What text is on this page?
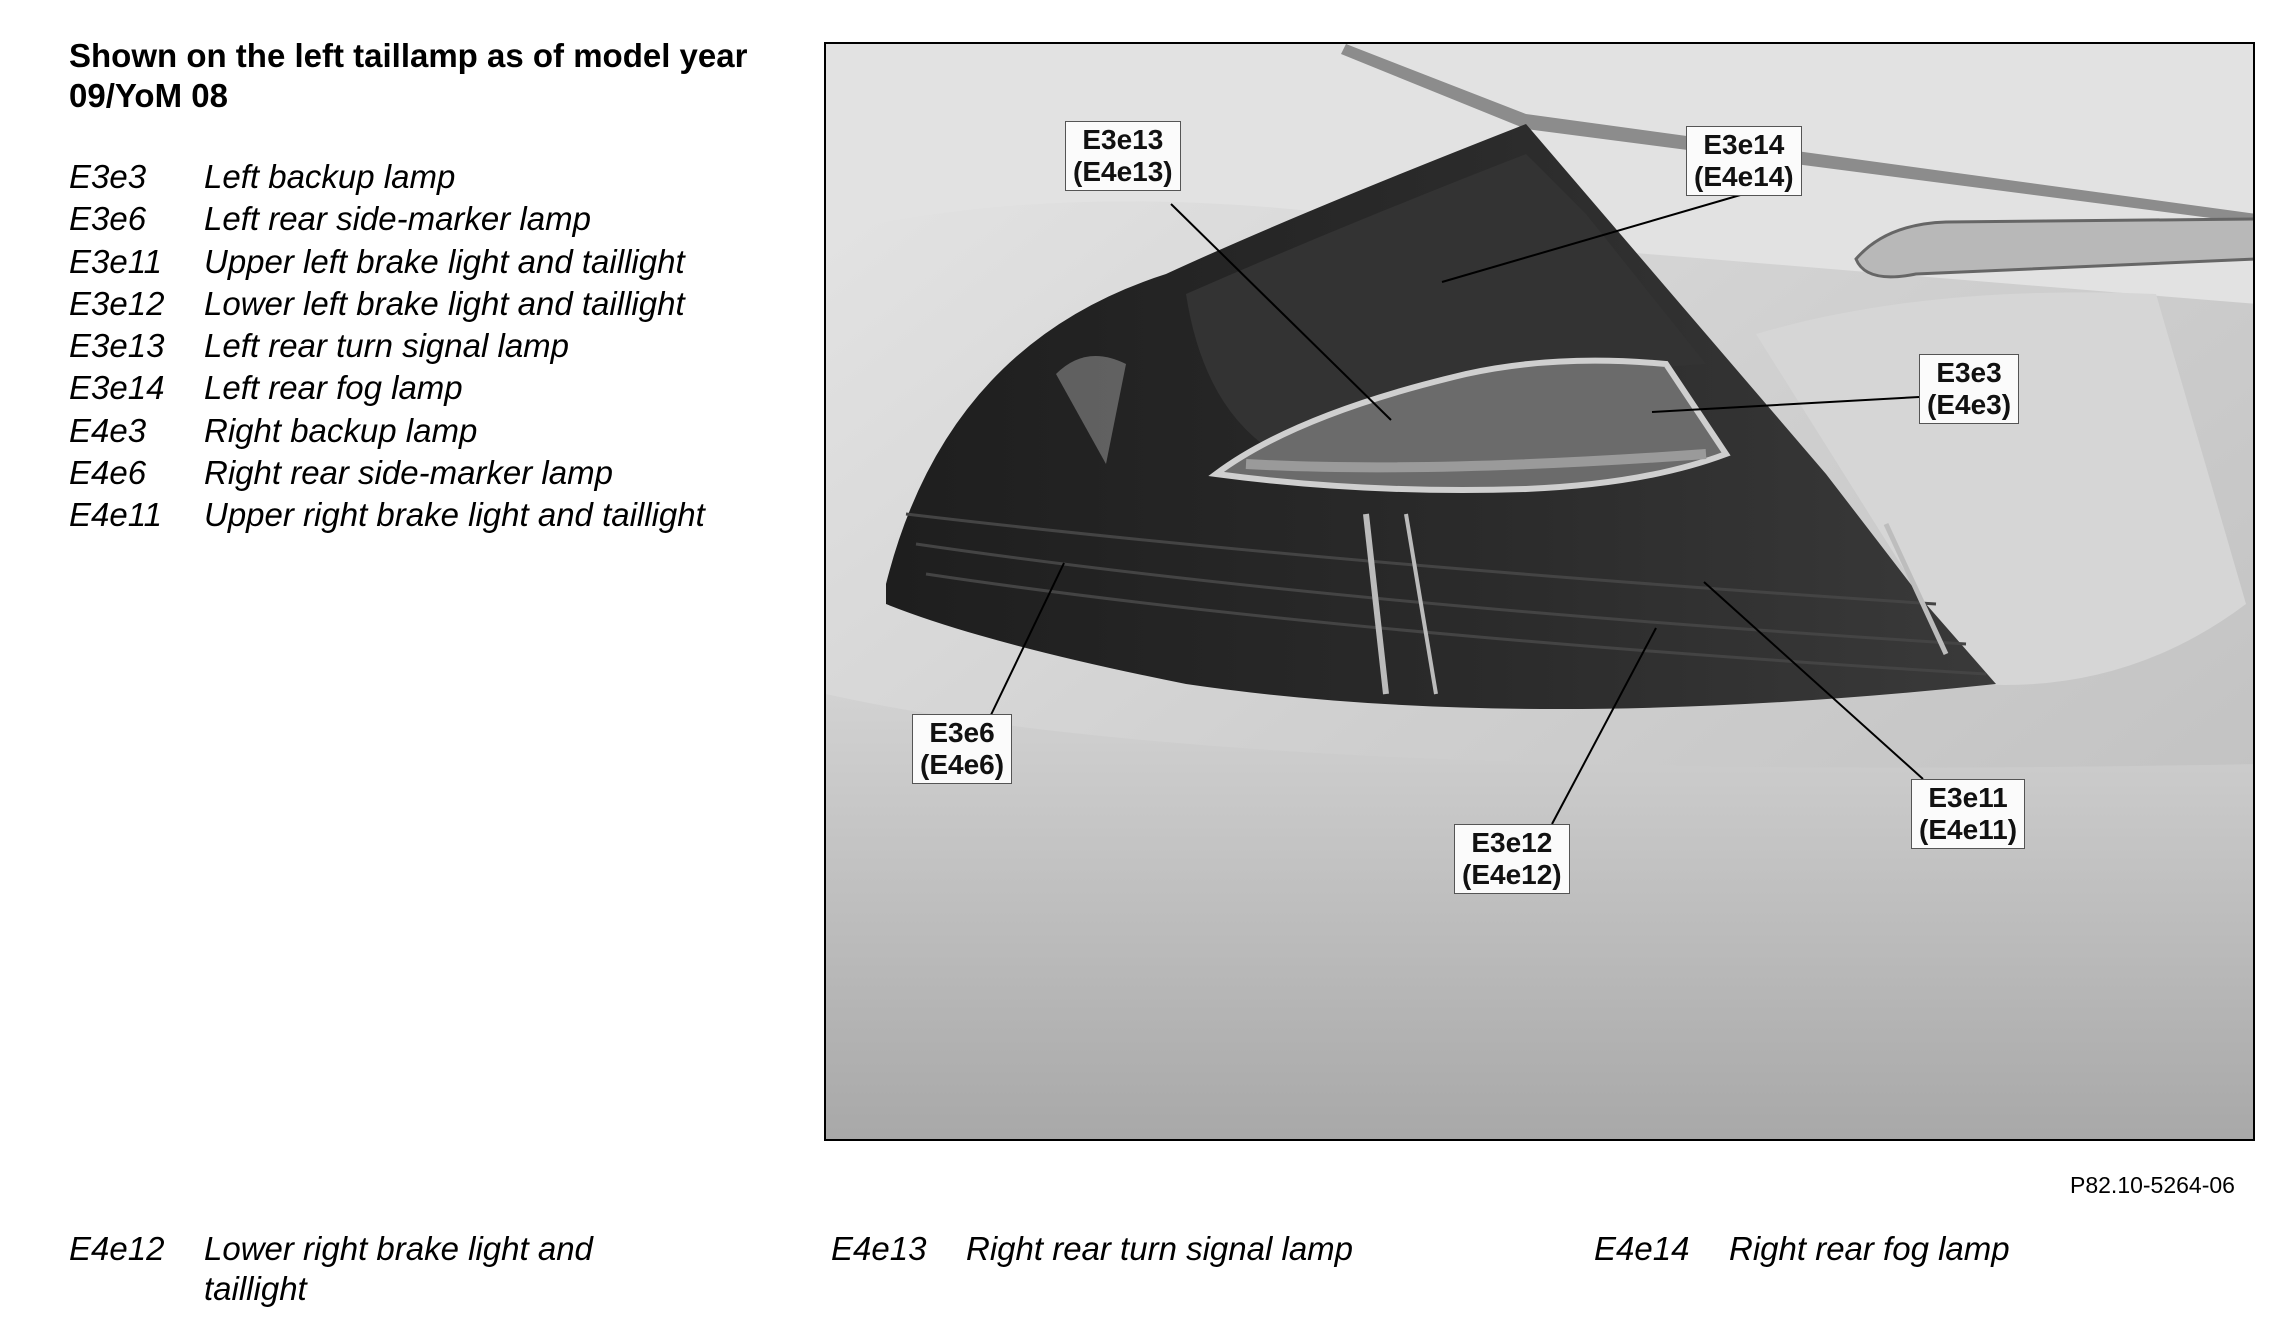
Shown on the left taillamp as of model year 09/YoM 08
E3e3	Left backup lamp
E3e6	Left rear side-marker lamp
E3e11	Upper left brake light and taillight
E3e12	Lower left brake light and taillight
E3e13	Left rear turn signal lamp
E3e14	Left rear fog lamp
E4e3	Right backup lamp
E4e6	Right rear side-marker lamp
E4e11	Upper right brake light and taillight
E3e13
(E4e13)
E3e14
(E4e14)
E3e3
(E4e3)
E3e6
(E4e6)
E3e12
(E4e12)
E3e11
(E4e11)
P82.10-5264-06
E4e12	Lower right brake light and taillight
E4e13	Right rear turn signal lamp	E4e14	Right rear fog lamp
